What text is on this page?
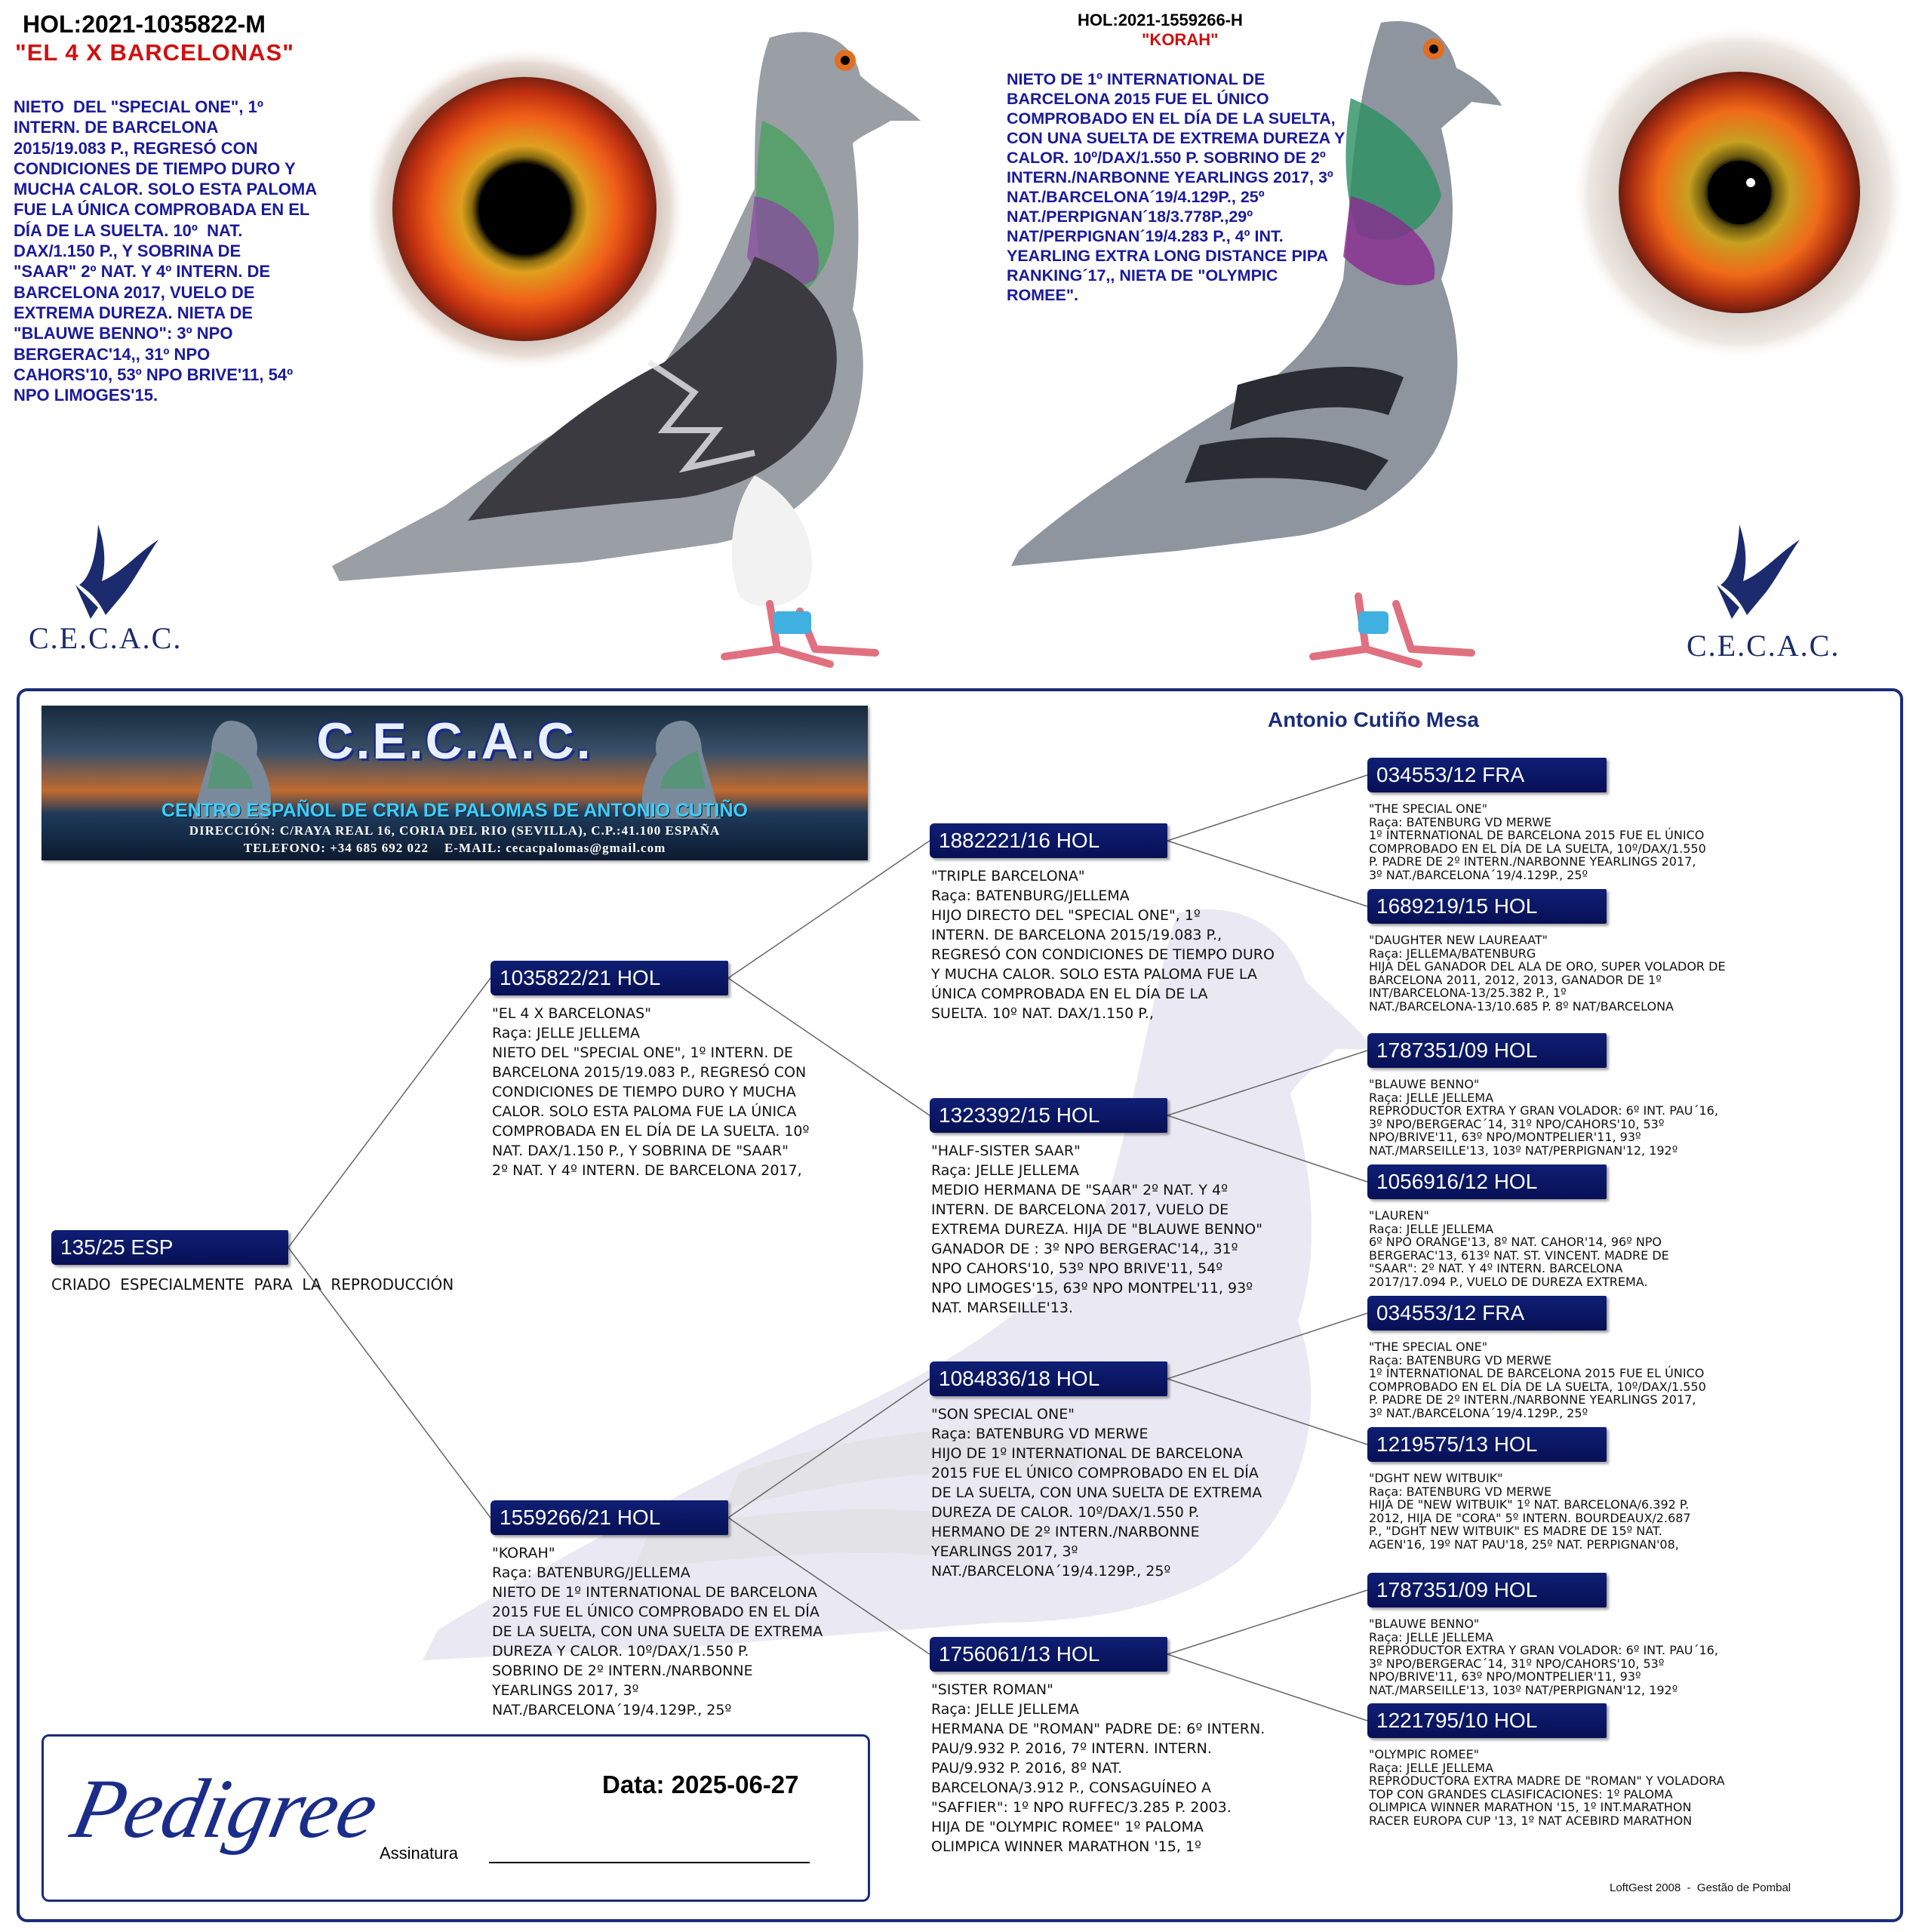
HOL:2021-1035822-M
"EL 4 X BARCELONAS"
NIETO  DEL "SPECIAL ONE", 1º
INTERN. DE BARCELONA
2015/19.083 P., REGRESÓ CON
CONDICIONES DE TIEMPO DURO Y
MUCHA CALOR. SOLO ESTA PALOMA
FUE LA ÚNICA COMPROBADA EN EL
DÍA DE LA SUELTA. 10º  NAT.
DAX/1.150 P., Y SOBRINA DE
"SAAR" 2º NAT. Y 4º INTERN. DE
BARCELONA 2017, VUELO DE
EXTREMA DUREZA. NIETA DE
"BLAUWE BENNO": 3º NPO
BERGERAC'14,, 31º NPO
CAHORS'10, 53º NPO BRIVE'11, 54º
NPO LIMOGES'15.
HOL:2021-1559266-H
"KORAH"
NIETO DE 1º INTERNATIONAL DE
BARCELONA 2015 FUE EL ÚNICO
COMPROBADO EN EL DÍA DE LA SUELTA,
CON UNA SUELTA DE EXTREMA DUREZA Y
CALOR. 10º/DAX/1.550 P. SOBRINO DE 2º
INTERN./NARBONNE YEARLINGS 2017, 3º
NAT./BARCELONA´19/4.129P., 25º
NAT./PERPIGNAN´18/3.778P.,29º
NAT/PERPIGNAN´19/4.283 P., 4º INT.
YEARLING EXTRA LONG DISTANCE PIPA
RANKING´17,, NIETA DE "OLYMPIC
ROMEE".
C.E.C.A.C.	C.E.C.A.C.
C.E.C.A.C.
CENTRO ESPAÑOL DE CRIA DE PALOMAS DE ANTONIO CUTIÑO
DIRECCIÓN: C/RAYA REAL 16, CORIA DEL RIO (SEVILLA), C.P.:41.100 ESPAÑA
TELEFONO: +34 685 692 022    E-MAIL: cecacpalomas@gmail.com
Antonio Cutiño Mesa
135/25 ESP
CRIADO  ESPECIALMENTE  PARA  LA  REPRODUCCIÓN
1035822/21 HOL
"EL 4 X BARCELONAS"
Raça: JELLE JELLEMA
NIETO DEL "SPECIAL ONE", 1º INTERN. DE
BARCELONA 2015/19.083 P., REGRESÓ CON
CONDICIONES DE TIEMPO DURO Y MUCHA
CALOR. SOLO ESTA PALOMA FUE LA ÚNICA
COMPROBADA EN EL DÍA DE LA SUELTA. 10º
NAT. DAX/1.150 P., Y SOBRINA DE "SAAR"
2º NAT. Y 4º INTERN. DE BARCELONA 2017,
1559266/21 HOL
"KORAH"
Raça: BATENBURG/JELLEMA
NIETO DE 1º INTERNATIONAL DE BARCELONA
2015 FUE EL ÚNICO COMPROBADO EN EL DÍA
DE LA SUELTA, CON UNA SUELTA DE EXTREMA
DUREZA Y CALOR. 10º/DAX/1.550 P.
SOBRINO DE 2º INTERN./NARBONNE
YEARLINGS 2017, 3º
NAT./BARCELONA´19/4.129P., 25º
1882221/16 HOL
"TRIPLE BARCELONA"
Raça: BATENBURG/JELLEMA
HIJO DIRECTO DEL "SPECIAL ONE", 1º
INTERN. DE BARCELONA 2015/19.083 P.,
REGRESÓ CON CONDICIONES DE TIEMPO DURO
Y MUCHA CALOR. SOLO ESTA PALOMA FUE LA
ÚNICA COMPROBADA EN EL DÍA DE LA
SUELTA. 10º NAT. DAX/1.150 P.,
1323392/15 HOL
"HALF-SISTER SAAR"
Raça: JELLE JELLEMA
MEDIO HERMANA DE "SAAR" 2º NAT. Y 4º
INTERN. DE BARCELONA 2017, VUELO DE
EXTREMA DUREZA. HIJA DE "BLAUWE BENNO"
GANADOR DE : 3º NPO BERGERAC'14,, 31º
NPO CAHORS'10, 53º NPO BRIVE'11, 54º
NPO LIMOGES'15, 63º NPO MONTPEL'11, 93º
NAT. MARSEILLE'13.
1084836/18 HOL
"SON SPECIAL ONE"
Raça: BATENBURG VD MERWE
HIJO DE 1º INTERNATIONAL DE BARCELONA
2015 FUE EL ÚNICO COMPROBADO EN EL DÍA
DE LA SUELTA, CON UNA SUELTA DE EXTREMA
DUREZA DE CALOR. 10º/DAX/1.550 P.
HERMANO DE 2º INTERN./NARBONNE
YEARLINGS 2017, 3º
NAT./BARCELONA´19/4.129P., 25º
1756061/13 HOL
"SISTER ROMAN"
Raça: JELLE JELLEMA
HERMANA DE "ROMAN" PADRE DE: 6º INTERN.
PAU/9.932 P. 2016, 7º INTERN. INTERN.
PAU/9.932 P. 2016, 8º NAT.
BARCELONA/3.912 P., CONSAGUÍNEO A
"SAFFIER": 1º NPO RUFFEC/3.285 P. 2003.
HIJA DE "OLYMPIC ROMEE" 1º PALOMA
OLIMPICA WINNER MARATHON '15, 1º
034553/12 FRA
"THE SPECIAL ONE"
Raça: BATENBURG VD MERWE
1º INTERNATIONAL DE BARCELONA 2015 FUE EL ÚNICO
COMPROBADO EN EL DÍA DE LA SUELTA, 10º/DAX/1.550
P. PADRE DE 2º INTERN./NARBONNE YEARLINGS 2017,
3º NAT./BARCELONA´19/4.129P., 25º
1689219/15 HOL
"DAUGHTER NEW LAUREAAT"
Raça: JELLEMA/BATENBURG
HIJA DEL GANADOR DEL ALA DE ORO, SUPER VOLADOR DE
BARCELONA 2011, 2012, 2013, GANADOR DE 1º
INT/BARCELONA-13/25.382 P., 1º
NAT./BARCELONA-13/10.685 P. 8º NAT/BARCELONA
1787351/09 HOL
"BLAUWE BENNO"
Raça: JELLE JELLEMA
REPRODUCTOR EXTRA Y GRAN VOLADOR: 6º INT. PAU´16,
3º NPO/BERGERAC´14, 31º NPO/CAHORS'10, 53º
NPO/BRIVE'11, 63º NPO/MONTPELIER'11, 93º
NAT./MARSEILLE'13, 103º NAT/PERPIGNAN'12, 192º
1056916/12 HOL
"LAUREN"
Raça: JELLE JELLEMA
6º NPO ORANGE'13, 8º NAT. CAHOR'14, 96º NPO
BERGERAC'13, 613º NAT. ST. VINCENT. MADRE DE
"SAAR": 2º NAT. Y 4º INTERN. BARCELONA
2017/17.094 P., VUELO DE DUREZA EXTREMA.
034553/12 FRA
"THE SPECIAL ONE"
Raça: BATENBURG VD MERWE
1º INTERNATIONAL DE BARCELONA 2015 FUE EL ÚNICO
COMPROBADO EN EL DÍA DE LA SUELTA, 10º/DAX/1.550
P. PADRE DE 2º INTERN./NARBONNE YEARLINGS 2017,
3º NAT./BARCELONA´19/4.129P., 25º
1219575/13 HOL
"DGHT NEW WITBUIK"
Raça: BATENBURG VD MERWE
HIJA DE "NEW WITBUIK" 1º NAT. BARCELONA/6.392 P.
2012, HIJA DE "CORA" 5º INTERN. BOURDEAUX/2.687
P., "DGHT NEW WITBUIK" ES MADRE DE 15º NAT.
AGEN'16, 19º NAT PAU'18, 25º NAT. PERPIGNAN'08,
1787351/09 HOL
"BLAUWE BENNO"
Raça: JELLE JELLEMA
REPRODUCTOR EXTRA Y GRAN VOLADOR: 6º INT. PAU´16,
3º NPO/BERGERAC´14, 31º NPO/CAHORS'10, 53º
NPO/BRIVE'11, 63º NPO/MONTPELIER'11, 93º
NAT./MARSEILLE'13, 103º NAT/PERPIGNAN'12, 192º
1221795/10 HOL
"OLYMPIC ROMEE"
Raça: JELLE JELLEMA
REPRODUCTORA EXTRA MADRE DE "ROMAN" Y VOLADORA
TOP CON GRANDES CLASIFICACIONES: 1º PALOMA
OLIMPICA WINNER MARATHON '15, 1º INT.MARATHON
RACER EUROPA CUP '13, 1º NAT ACEBIRD MARATHON
Pedigree	Data: 2025-06-27
Assinatura
LoftGest 2008  -  Gestão de Pombal
